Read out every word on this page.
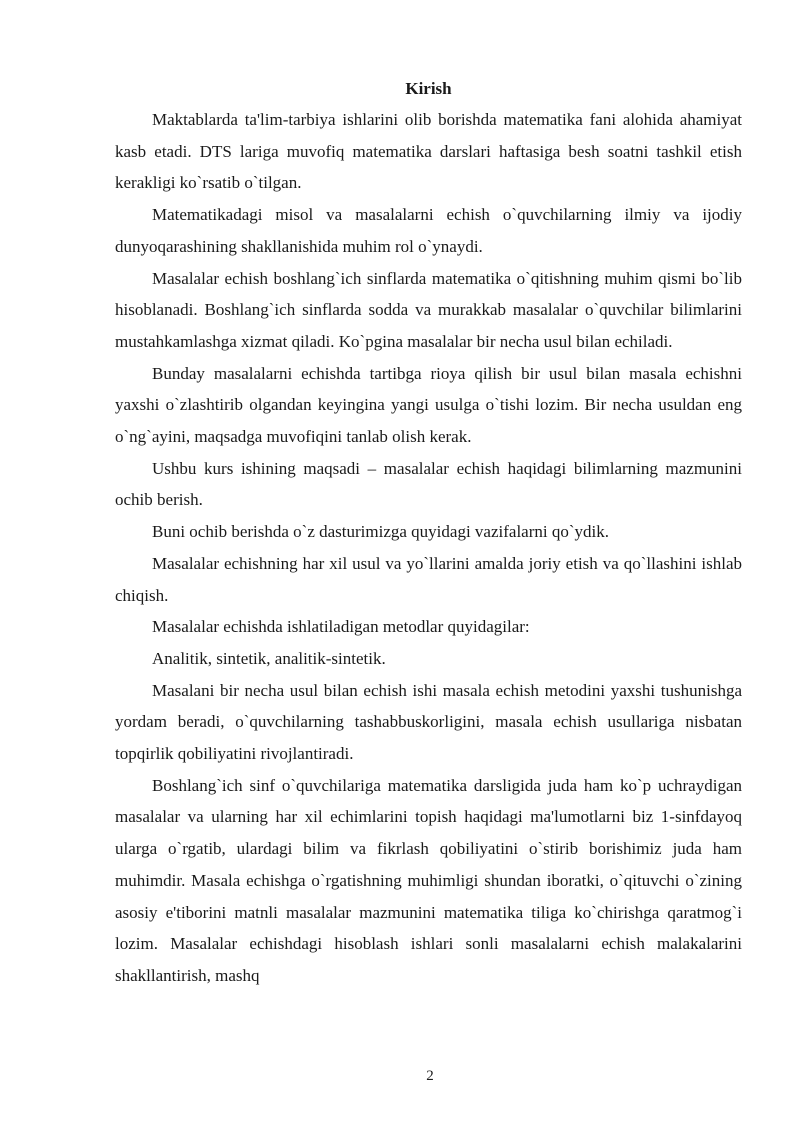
Kirish

Maktablarda ta'lim-tarbiya ishlarini olib borishda matematika fani alohida ahamiyat kasb etadi. DTS lariga muvofiq matematika darslari haftasiga besh soatni tashkil etish kerakligi ko`rsatib o`tilgan.

Matematikadagi misol va masalalarni echish o`quvchilarning ilmiy va ijodiy dunyoqarashining shakllanishida muhim rol o`ynaydi.

Masalalar echish boshlang`ich sinflarda matematika o`qitishning muhim qismi bo`lib hisoblanadi. Boshlang`ich sinflarda sodda va murakkab masalalar o`quvchilar bilimlarini mustahkamlashga xizmat qiladi. Ko`pgina masalalar bir necha usul bilan echiladi.

Bunday masalalarni echishda tartibga rioya qilish bir usul bilan masala echishni yaxshi o`zlashtirib olgandan keyingina yangi usulga o`tishi lozim. Bir necha usuldan eng o`ng`ayini, maqsadga muvofiqini tanlab olish kerak.

Ushbu kurs ishining maqsadi – masalalar echish haqidagi bilimlarning mazmunini ochib berish.

Buni ochib berishda o`z dasturimizga quyidagi vazifalarni qo`ydik.

Masalalar echishning har xil usul va yo`llarini amalda joriy etish va qo`llashini ishlab chiqish.

Masalalar echishda ishlatiladigan metodlar quyidagilar:

Analitik, sintetik, analitik-sintetik.

Masalani bir necha usul bilan echish ishi masala echish metodini yaxshi tushunishga yordam beradi, o`quvchilarning tashabbuskorligini, masala echish usullariga nisbatan topqirlik qobiliyatini rivojlantiradi.

Boshlang`ich sinf o`quvchilariga matematika darsligida juda ham ko`p uchraydigan masalalar va ularning har xil echimlarini topish haqidagi ma'lumotlarni biz 1-sinfdayoq ularga o`rgatib, ulardagi bilim va fikrlash qobiliyatini o`stirib borishimiz juda ham muhimdir. Masala echishga o`rgatishning muhimligi shundan iboratki, o`qituvchi o`zining asosiy e'tiborini matnli masalalar mazmunini matematika tiliga ko`chirishga qaratmog`i lozim. Masalalar echishdagi hisoblash ishlari sonli masalalarni echish malakalarini shakllantirish, mashq

2
